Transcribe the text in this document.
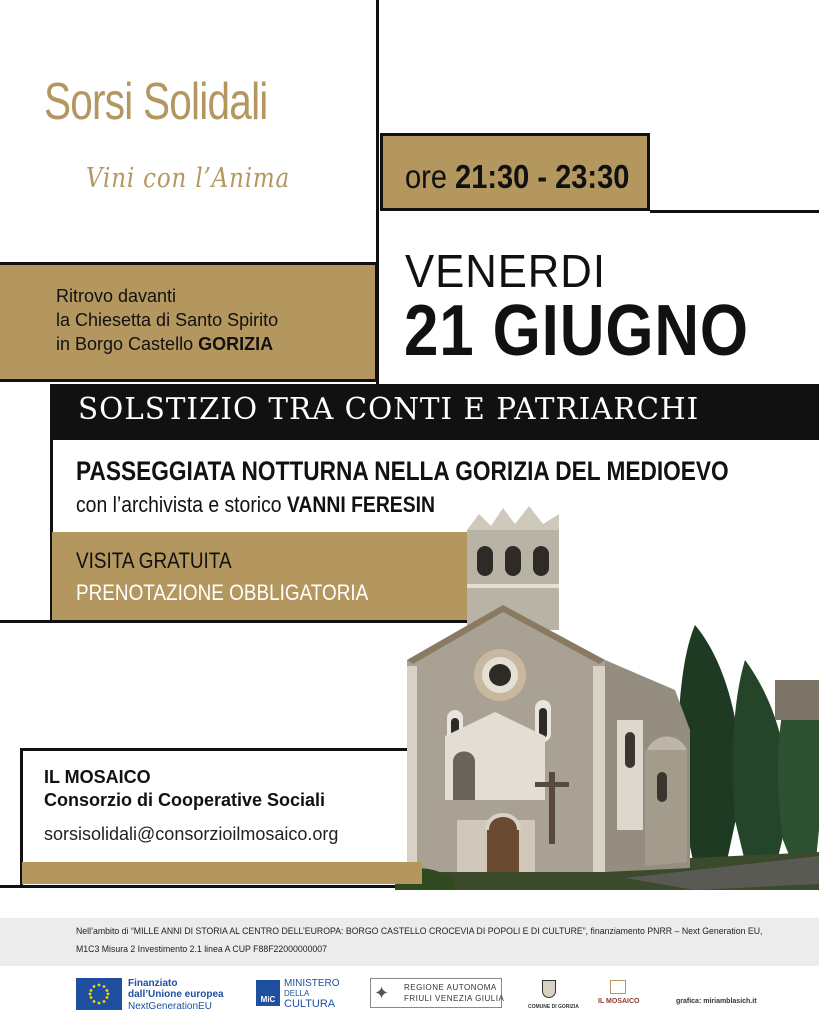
Sorsi Solidali
Vini con l’Anima	ore 21:30 - 23:30
Ritrovo davanti
la Chiesetta di Santo Spirito
in Borgo Castello GORIZIA
VENERDI
21 GIUGNO
SOLSTIZIO TRA CONTI E PATRIARCHI
PASSEGGIATA NOTTURNA NELLA GORIZIA DEL MEDIOEVO
con l’archivista e storico VANNI FERESIN
VISITA GRATUITA
PRENOTAZIONE OBBLIGATORIA
IL MOSAICO
Consorzio di Cooperative Sociali
sorsisolidali@consorzioilmosaico.org
Nell’ambito di “MILLE ANNI DI STORIA AL CENTRO DELL’EUROPA: BORGO CASTELLO CROCEVIA DI POPOLI E DI CULTURE”, finanziamento PNRR – Next Generation EU,
M1C3 Misura 2 Investimento 2.1 linea A CUP F88F22000000007
Finanziato
dall’Unione europea
NextGenerationEU
MiC
MINISTERO
DELLA
CULTURA
✦	REGIONE AUTONOMA
FRIULI VENEZIA GIULIA
COMUNE DI GORIZIA
IL MOSAICO	grafica: miriamblasich.it
